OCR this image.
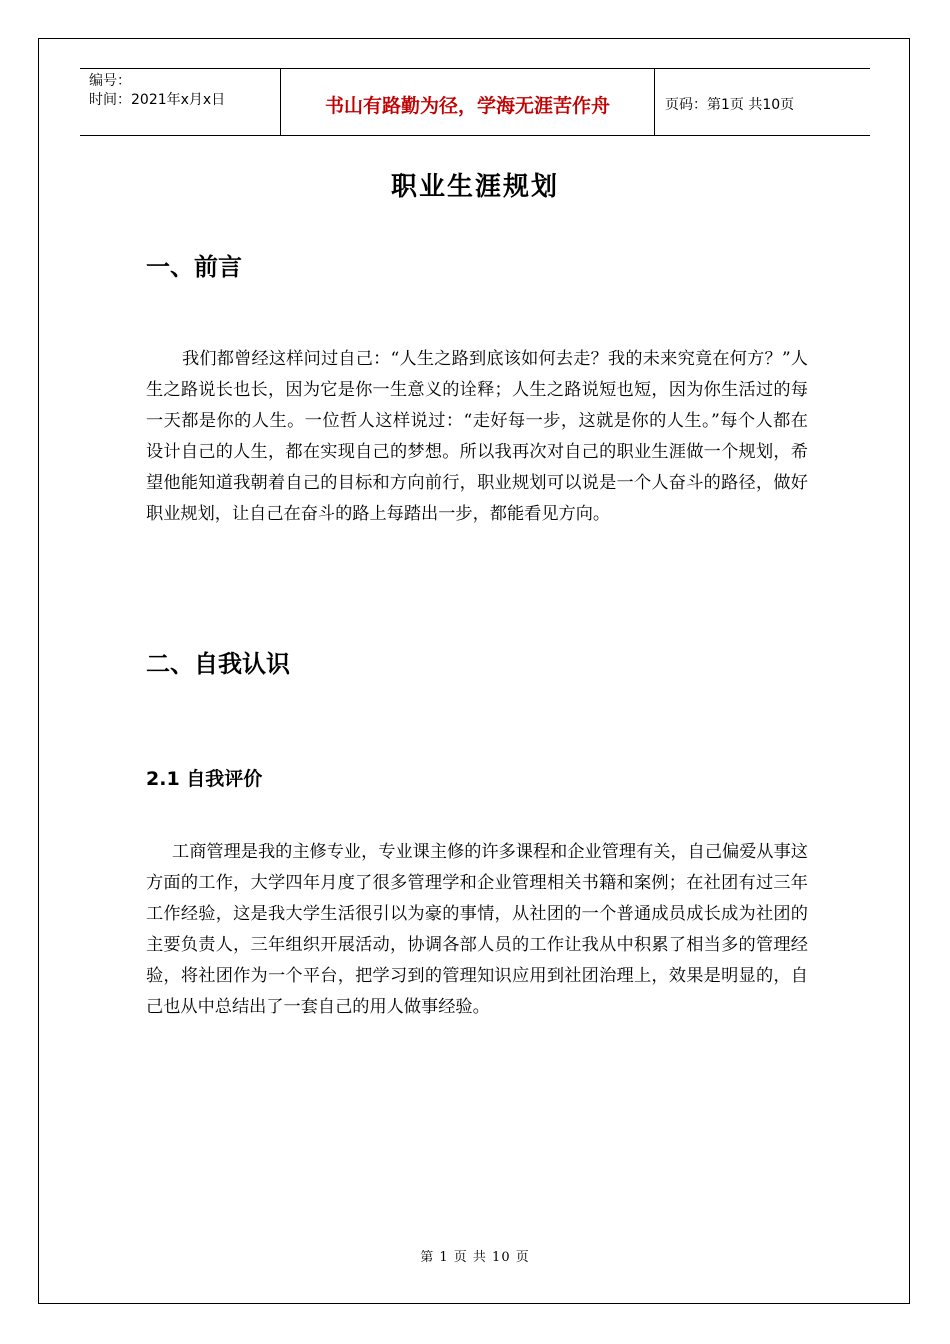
编号：
时间：2021年x月x日	书山有路勤为径，学海无涯苦作舟	页码：第1页 共10页
职业生涯规划
一、前言

我们都曾经这样问过自己：“人生之路到底该如何去走？我的未来究竟在何方？”人生之路说长也长，因为它是你一生意义的诠释；人生之路说短也短，因为你生活过的每一天都是你的人生。一位哲人这样说过：“走好每一步，这就是你的人生。”每个人都在设计自己的人生，都在实现自己的梦想。所以我再次对自己的职业生涯做一个规划，希望他能知道我朝着自己的目标和方向前行，职业规划可以说是一个人奋斗的路径，做好职业规划，让自己在奋斗的路上每踏出一步，都能看见方向。

二、自我认识
2.1 自我评价

工商管理是我的主修专业，专业课主修的许多课程和企业管理有关，自己偏爱从事这方面的工作，大学四年月度了很多管理学和企业管理相关书籍和案例；在社团有过三年工作经验，这是我大学生活很引以为豪的事情，从社团的一个普通成员成长成为社团的主要负责人，三年组织开展活动，协调各部人员的工作让我从中积累了相当多的管理经验，将社团作为一个平台，把学习到的管理知识应用到社团治理上，效果是明显的，自己也从中总结出了一套自己的用人做事经验。

第 1 页 共 10 页
